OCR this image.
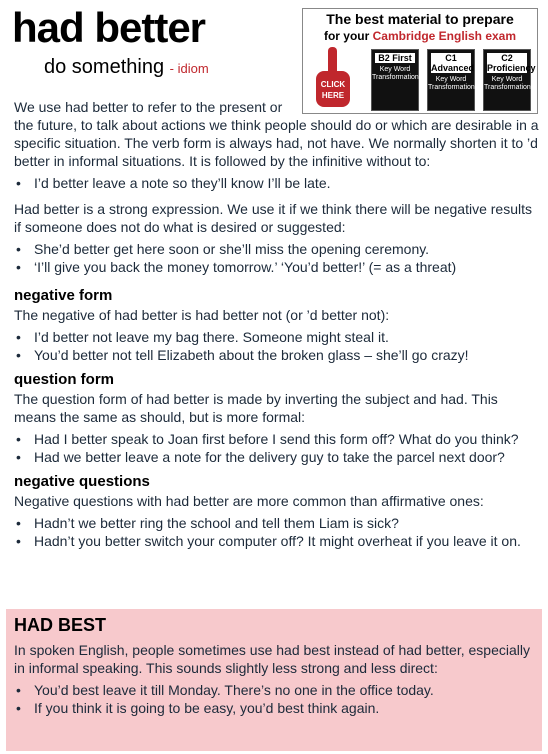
had better
do something - idiom
The best material to prepare
for your Cambridge English exam
CLICK
HERE
B2 First
Key Word Transformation
C1 Advanced
Key Word Transformation
C2 Proficiency
Key Word Transformation

We use had better to refer to the present or the future, to talk about actions we think people should do or which are desirable in a specific situation. The verb form is always had, not have. We normally shorten it to ’d better in informal situations. It is followed by the infinitive without to:

• I’d better leave a note so they’ll know I’ll be late.

Had better is a strong expression. We use it if we think there will be negative results if someone does not do what is desired or suggested:

• She’d better get here soon or she’ll miss the opening ceremony.
• ‘I’ll give you back the money tomorrow.’ ‘You’d better!’ (= as a threat)
negative form

The negative of had better is had better not (or ’d better not):

• I’d better not leave my bag there. Someone might steal it.
• You’d better not tell Elizabeth about the broken glass – she’ll go crazy!
question form

The question form of had better is made by inverting the subject and had. This means the same as should, but is more formal:

• Had I better speak to Joan first before I send this form off? What do you think?
• Had we better leave a note for the delivery guy to take the parcel next door?
negative questions

Negative questions with had better are more common than affirmative ones:

• Hadn’t we better ring the school and tell them Liam is sick?
• Hadn’t you better switch your computer off? It might overheat if you leave it on.
HAD BEST

In spoken English, people sometimes use had best instead of had better, especially in informal speaking. This sounds slightly less strong and less direct:

• You’d best leave it till Monday. There’s no one in the office today.
• If you think it is going to be easy, you’d best think again.
